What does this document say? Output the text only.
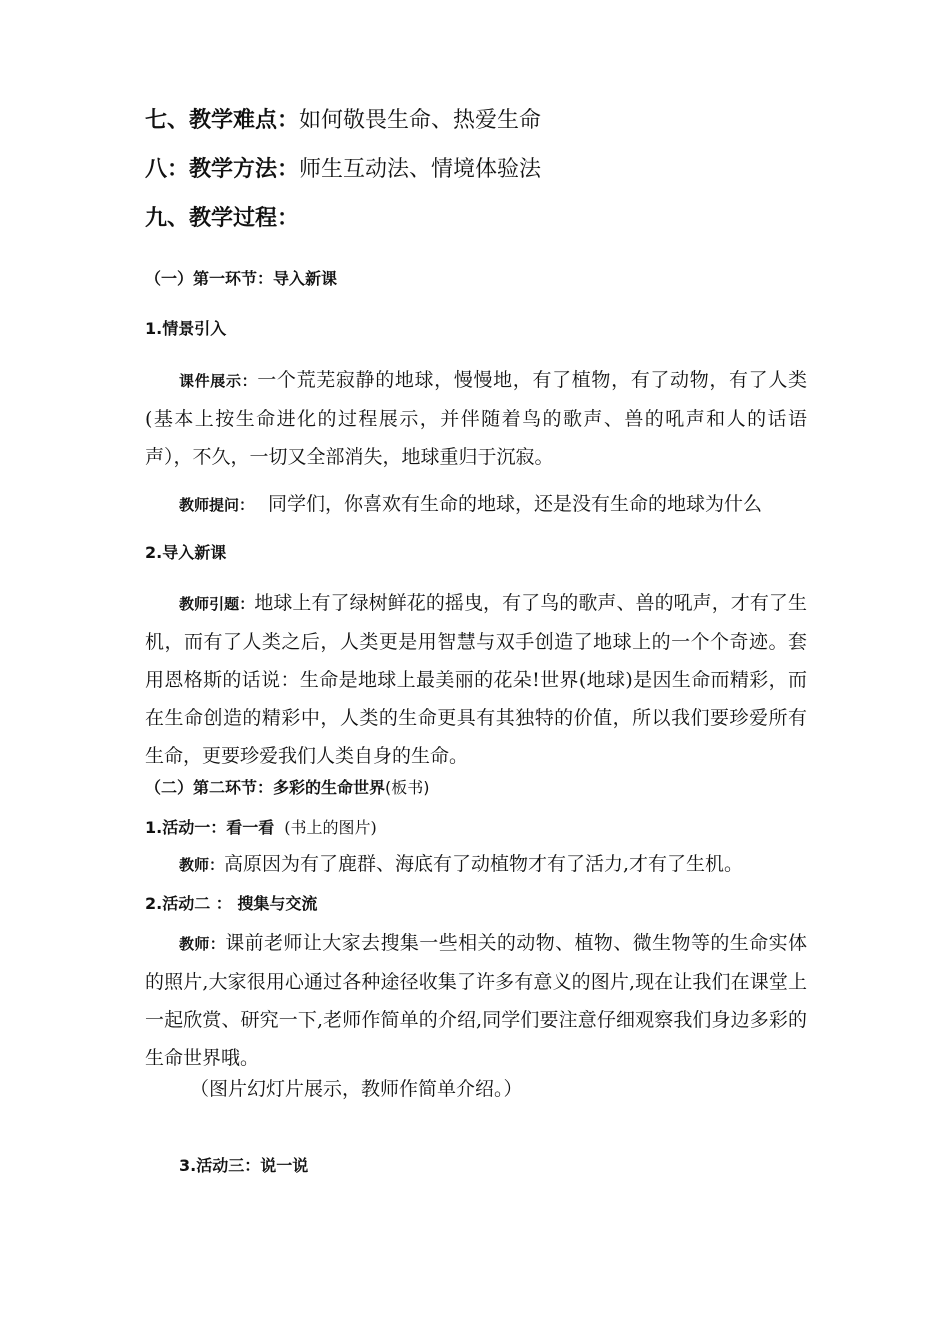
七、教学难点：如何敬畏生命、热爱生命
八：教学方法：师生互动法、情境体验法
九、教学过程：
（一）第一环节：导入新课
1.情景引入
课件展示：一个荒芜寂静的地球，慢慢地，有了植物，有了动物，有了人类(基本上按生命进化的过程展示，并伴随着鸟的歌声、兽的吼声和人的话语声），不久，一切又全部消失，地球重归于沉寂。
教师提问： 同学们，你喜欢有生命的地球，还是没有生命的地球为什么
2.导入新课
教师引题：地球上有了绿树鲜花的摇曳，有了鸟的歌声、兽的吼声，才有了生机，而有了人类之后，人类更是用智慧与双手创造了地球上的一个个奇迹。套用恩格斯的话说：生命是地球上最美丽的花朵!世界(地球)是因生命而精彩，而在生命创造的精彩中，人类的生命更具有其独特的价值，所以我们要珍爱所有生命，更要珍爱我们人类自身的生命。
（二）第二环节：多彩的生命世界(板书)
1.活动一：看一看 (书上的图片)
教师：高原因为有了鹿群、海底有了动植物才有了活力,才有了生机。
2.活动二 ： 搜集与交流
教师：课前老师让大家去搜集一些相关的动物、植物、微生物等的生命实体的照片,大家很用心通过各种途径收集了许多有意义的图片,现在让我们在课堂上一起欣赏、研究一下,老师作简单的介绍,同学们要注意仔细观察我们身边多彩的生命世界哦。
（图片幻灯片展示，教师作简单介绍。）
3.活动三：说一说
